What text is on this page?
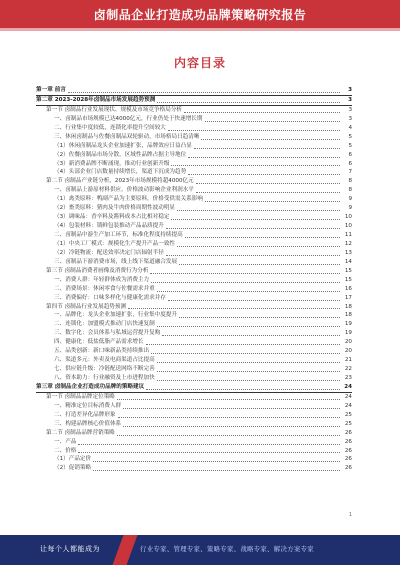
卤制品企业打造成功品牌策略研究报告
内容目录
第一章 前言	3
第二章 2023-2028年卤制品市场发展趋势预测	3
第一节 卤制品行业发展现状、规模及市场竞争格局分析	3
一、卤制品市场规模已达4000亿元，行业仍处于快速增长期	3
二、行业集中度较低，连锁化率提升空间较大	4
三、休闲卤制品与佐餐卤制品双轮驱动，市场格局日趋清晰	5
（1）休闲卤制品龙头企业加速扩张，品牌效应日益凸显	5
（2）佐餐卤制品市场分散，区域性品牌占据主导地位	6
（3）新消费品牌不断涌现，推动行业创新升级	6
（4）头部企业门店数量持续增长，渠道下沉成为趋势	7
第二节 卤制品产业链分析，2023年市场规模将超4000亿元	8
一、卤制品上游原材料供应，价格波动影响企业利润水平	8
（1）禽类原料：鸭副产品为主要原料，价格受供需关系影响	9
（2）畜类原料：猪肉及牛肉价格周期性波动明显	9
（3）调味品：香辛料及酱料成本占比相对稳定	10
（4）包装材料：锁鲜包装推动产品品质提升	10
二、卤制品中游生产加工环节，标准化程度持续提高	11
（1）中央工厂模式：规模化生产提升产品一致性	12
（2）冷链物流：配送效率决定门店辐射半径	13
三、卤制品下游消费市场，线上线下渠道融合发展	14
第三节 卤制品消费者画像及消费行为分析	15
一、消费人群：年轻群体成为消费主力	15
二、消费场景：休闲零食与佐餐需求并重	16
三、消费偏好：口味多样化与健康化需求并存	17
第四节 卤制品行业发展趋势预测	18
一、品牌化：龙头企业加速扩张，行业集中度提升	18
二、连锁化：加盟模式推动门店快速复制	19
三、数字化：会员体系与私域运营提升复购	19
四、健康化：低盐低脂产品需求增长	20
五、品类创新：新口味新品类持续推出	20
六、渠道多元：外卖及电商渠道占比提高	21
七、供应链升级：冷链配送网络不断完善	22
八、资本助力：行业融资及上市进程加快	23
第三章 卤制品企业打造成功品牌的策略建议	24
第一节 卤制品品牌定位策略	24
一、精准定位目标消费人群	24
二、打造差异化品牌形象	25
三、构建品牌核心价值体系	25
第二节 卤制品品牌营销策略	26
一、产品	26
二、价格	26
（1）产品定价	26
（2）促销策略	26
1
让每个人都能成为	行业专家、管理专家、策略专家、战略专家、解决方案专家
